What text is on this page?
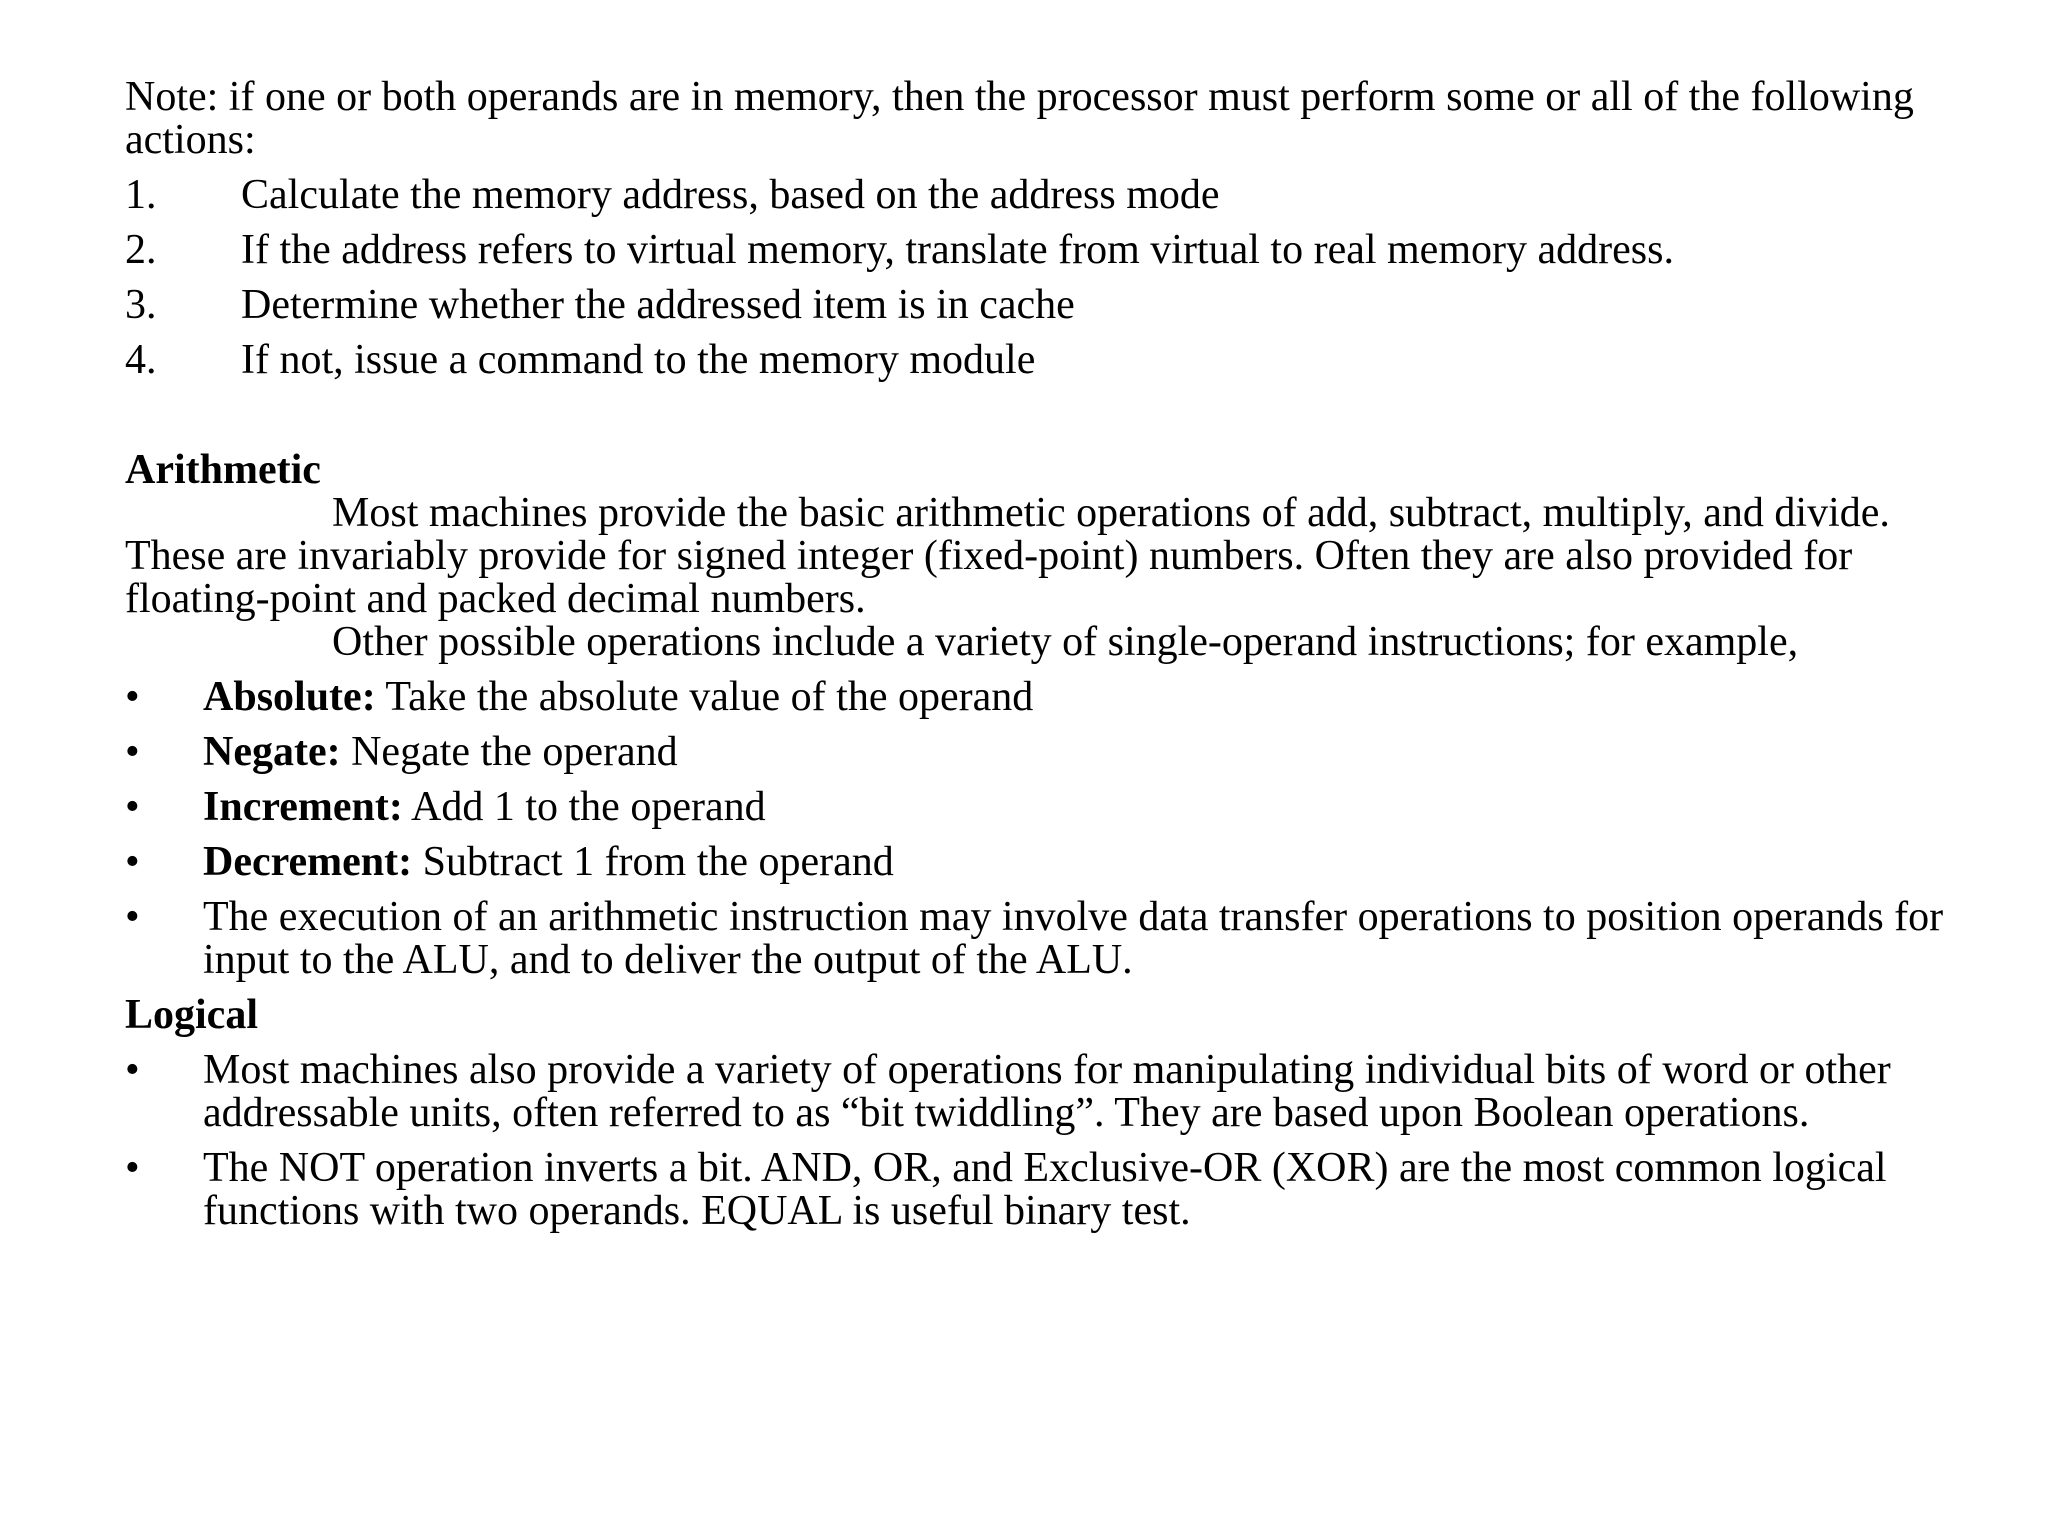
Note: if one or both operands are in memory, then the processor must perform some or all of the following actions:

1. Calculate the memory address, based on the address mode
2. If the address refers to virtual memory, translate from virtual to real memory address.
3. Determine whether the addressed item is in cache
4. If not, issue a command to the memory module
Arithmetic

Most machines provide the basic arithmetic operations of add, subtract, multiply, and divide. These are invariably provide for signed integer (fixed-point) numbers. Often they are also provided for floating-point and packed decimal numbers.

Other possible operations include a variety of single-operand instructions; for example,

• Absolute: Take the absolute value of the operand
• Negate: Negate the operand
• Increment: Add 1 to the operand
• Decrement: Subtract 1 from the operand
• The execution of an arithmetic instruction may involve data transfer operations to position operands for input to the ALU, and to deliver the output of the ALU.
Logical
• Most machines also provide a variety of operations for manipulating individual bits of word or other addressable units, often referred to as “bit twiddling”. They are based upon Boolean operations.
• The NOT operation inverts a bit. AND, OR, and Exclusive-OR (XOR) are the most common logical functions with two operands. EQUAL is useful binary test.
